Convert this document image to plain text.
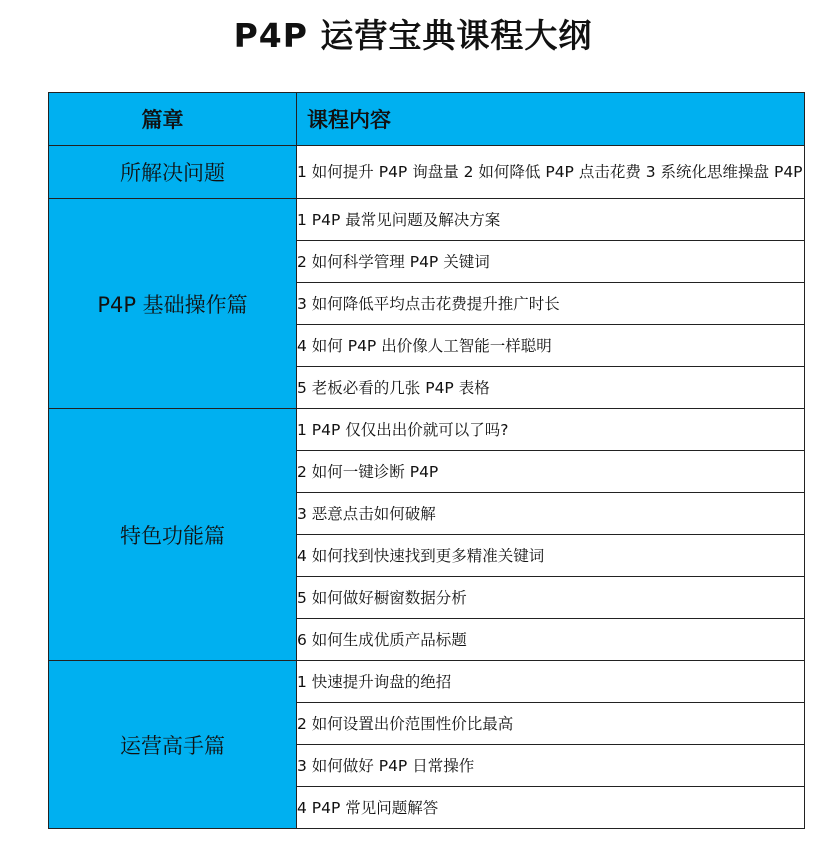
P4P 运营宝典课程大纲
篇章	课程内容
所解决问题	1 如何提升 P4P 询盘量 2 如何降低 P4P 点击花费 3 系统化思维操盘 P4P
P4P 基础操作篇	1 P4P 最常见问题及解决方案
	2 如何科学管理 P4P 关键词
	3 如何降低平均点击花费提升推广时长
	4 如何 P4P 出价像人工智能一样聪明
	5 老板必看的几张 P4P 表格
特色功能篇	1 P4P 仅仅出出价就可以了吗?
	2 如何一键诊断 P4P
	3 恶意点击如何破解
	4 如何找到快速找到更多精准关键词
	5 如何做好橱窗数据分析
	6 如何生成优质产品标题
运营高手篇	1 快速提升询盘的绝招
	2 如何设置出价范围性价比最高
	3 如何做好 P4P 日常操作
	4 P4P 常见问题解答
